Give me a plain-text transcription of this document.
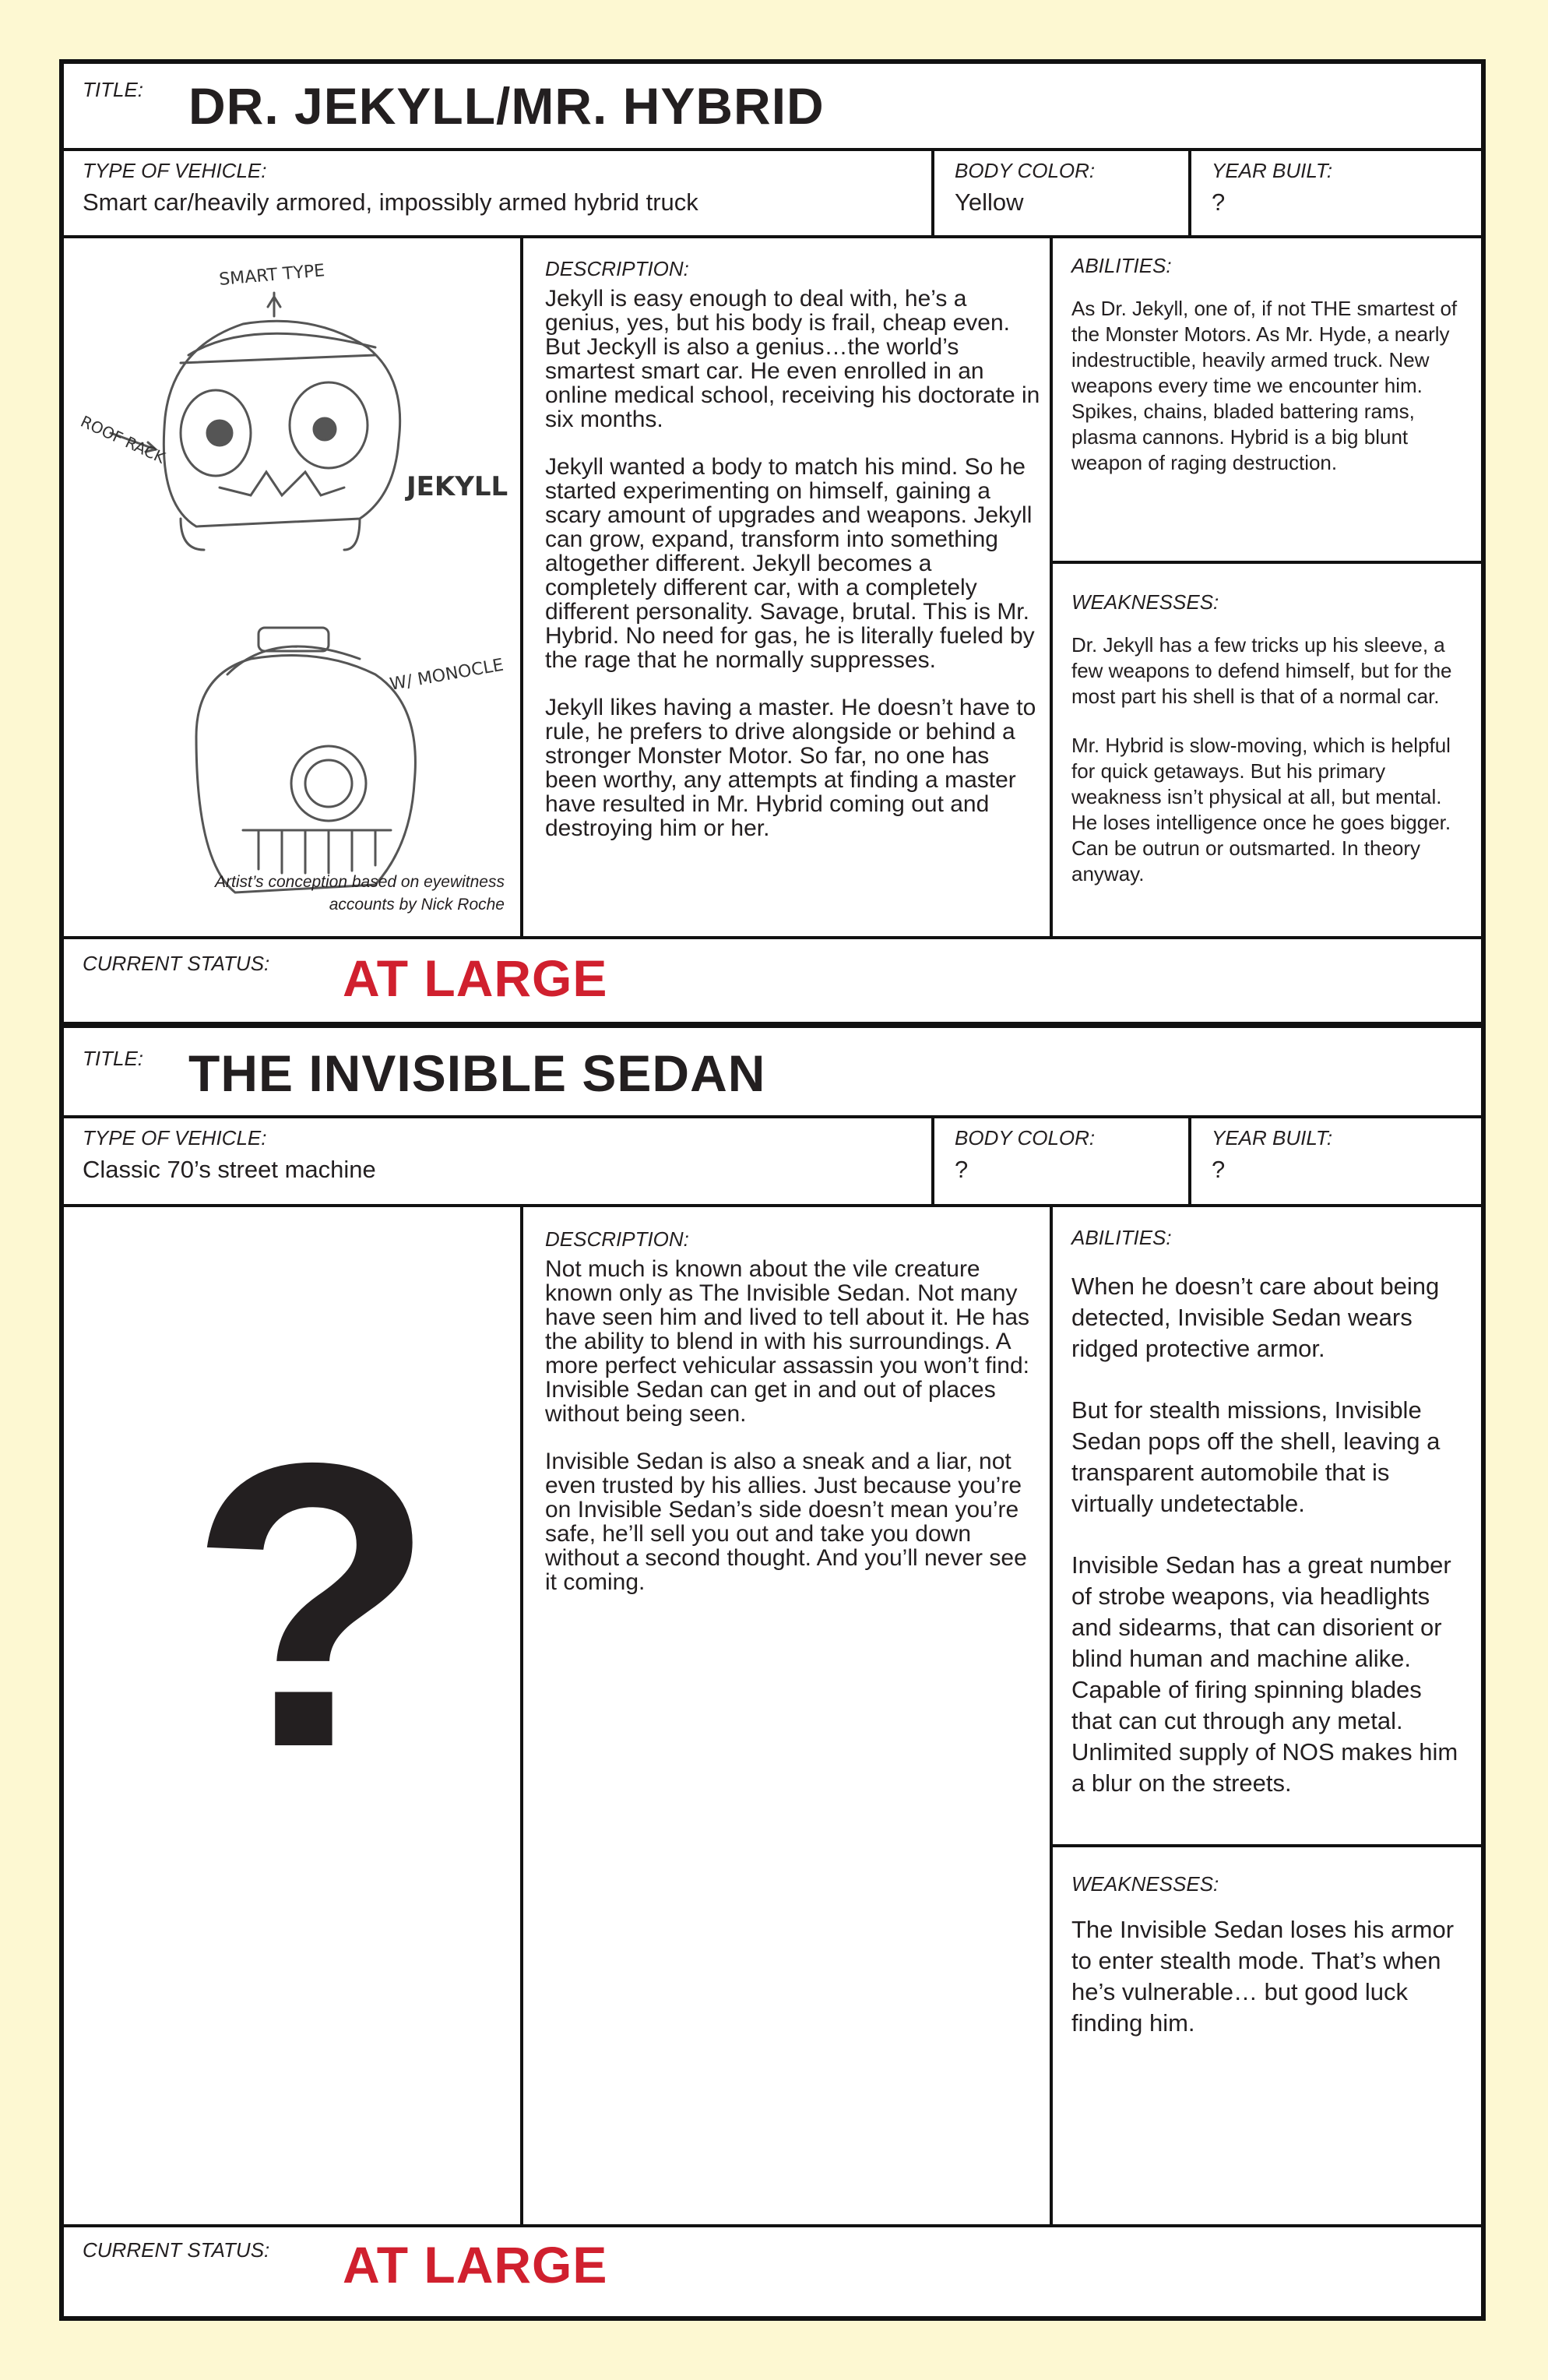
TITLE: DR. JEKYLL/MR. HYBRID
TYPE OF VEHICLE:
Smart car/heavily armored, impossibly armed hybrid truck
BODY COLOR:
Yellow
YEAR BUILT:
?
SMART TYPE
ROOF RACK
JEKYLL
W/ MONOCLE
Artist’s conception based on eyewitness
accounts by Nick Roche
DESCRIPTION:

Jekyll is easy enough to deal with, he’s a genius, yes, but his body is frail, cheap even. But Jeckyll is also a genius…the world’s smartest smart car. He even enrolled in an online medical school, receiving his doctorate in six months.

Jekyll wanted a body to match his mind. So he started experimenting on himself, gaining a scary amount of upgrades and weapons. Jekyll can grow, expand, transform into something altogether different. Jekyll becomes a completely different car, with a completely different personality. Savage, brutal. This is Mr. Hybrid. No need for gas, he is literally fueled by the rage that he normally suppresses.

Jekyll likes having a master. He doesn’t have to rule, he prefers to drive alongside or behind a stronger Monster Motor. So far, no one has been worthy, any attempts at finding a master have resulted in Mr. Hybrid coming out and destroying him or her.

ABILITIES:

As Dr. Jekyll, one of, if not THE smartest of the Monster Motors. As Mr. Hyde, a nearly indestructible, heavily armed truck. New weapons every time we encounter him. Spikes, chains, bladed battering rams, plasma cannons. Hybrid is a big blunt weapon of raging destruction.

WEAKNESSES:

Dr. Jekyll has a few tricks up his sleeve, a few weapons to defend himself, but for the most part his shell is that of a normal car.

Mr. Hybrid is slow-moving, which is helpful for quick getaways. But his primary weakness isn’t physical at all, but mental. He loses intelligence once he goes bigger. Can be outrun or outsmarted. In theory anyway.

CURRENT STATUS: AT LARGE
TITLE: THE INVISIBLE SEDAN
TYPE OF VEHICLE:
Classic 70’s street machine
BODY COLOR:
?
YEAR BUILT:
?
?
DESCRIPTION:

Not much is known about the vile creature known only as The Invisible Sedan. Not many have seen him and lived to tell about it. He has the ability to blend in with his surroundings. A more perfect vehicular assassin you won’t find: Invisible Sedan can get in and out of places without being seen.

Invisible Sedan is also a sneak and a liar, not even trusted by his allies. Just because you’re on Invisible Sedan’s side doesn’t mean you’re safe, he’ll sell you out and take you down without a second thought. And you’ll never see it coming.

ABILITIES:

When he doesn’t care about being detected, Invisible Sedan wears ridged protective armor.

But for stealth missions, Invisible Sedan pops off the shell, leaving a transparent automobile that is virtually undetectable.

Invisible Sedan has a great number of strobe weapons, via headlights and sidearms, that can disorient or blind human and machine alike. Capable of firing spinning blades that can cut through any metal. Unlimited supply of NOS makes him a blur on the streets.

WEAKNESSES:

The Invisible Sedan loses his armor to enter stealth mode. That’s when he’s vulnerable… but good luck finding him.

CURRENT STATUS: AT LARGE
